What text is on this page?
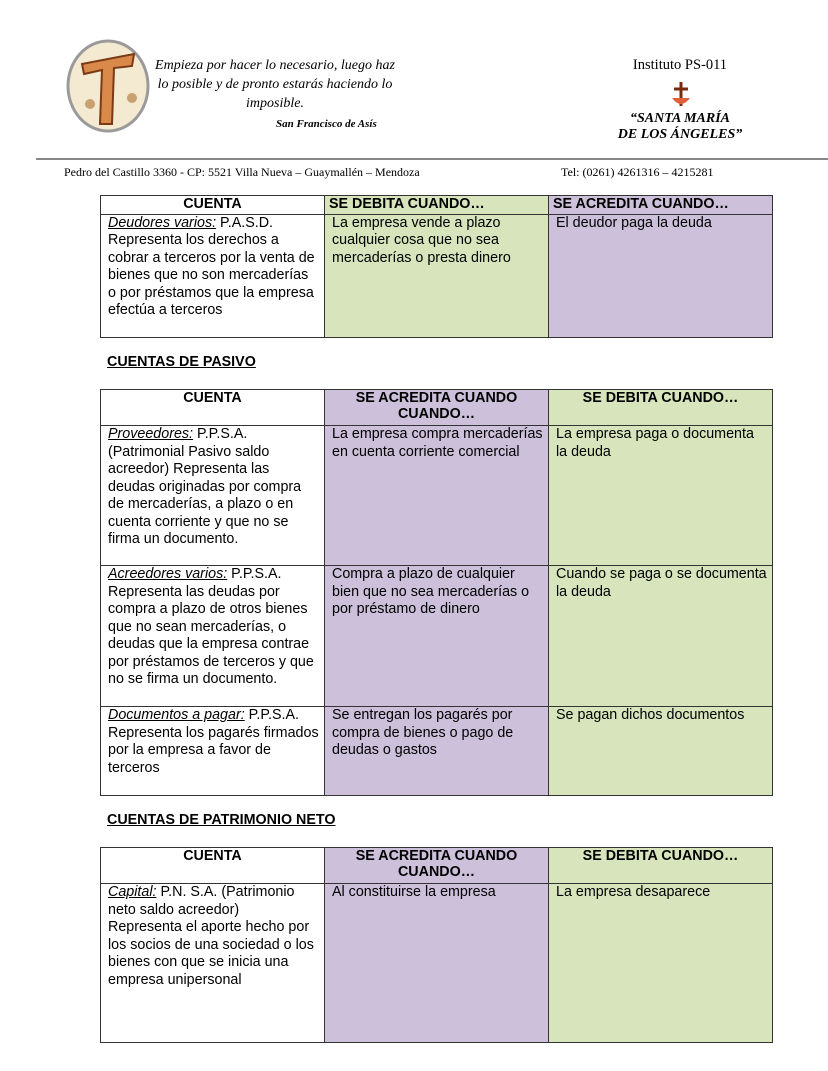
Empieza por hacer lo necesario, luego haz lo posible y de pronto estarás haciendo lo imposible.
San Francisco de Asís
Instituto PS-011
“SANTA MARÍA
DE LOS ÁNGELES”
Pedro del Castillo 3360 - CP: 5521 Villa Nueva – Guaymallén – Mendoza	Tel: (0261) 4261316 – 4215281
CUENTA	SE DEBITA CUANDO…	SE ACREDITA CUANDO…
Deudores varios: P.A.S.D.
Representa los derechos a cobrar a terceros por la venta de bienes que no son mercaderías o por préstamos que la empresa efectúa a terceros	La empresa vende a plazo cualquier cosa que no sea mercaderías o presta dinero	El deudor paga la deuda
CUENTAS DE PASIVO
CUENTA	SE ACREDITA CUANDO CUANDO…	SE DEBITA CUANDO…
Proveedores: P.P.S.A.
(Patrimonial Pasivo saldo acreedor) Representa las deudas originadas por compra de mercaderías, a plazo o en cuenta corriente y que no se firma un documento.	La empresa compra mercaderías en cuenta corriente comercial	La empresa paga o documenta la deuda
Acreedores varios: P.P.S.A.
Representa las deudas por compra a plazo de otros bienes que no sean mercaderías, o deudas que la empresa contrae por préstamos de terceros y que no se firma un documento.	Compra a plazo de cualquier bien que no sea mercaderías o por préstamo de dinero	Cuando se paga o se documenta la deuda
Documentos a pagar: P.P.S.A.
Representa los pagarés firmados por la empresa a favor de terceros	Se entregan los pagarés por compra de bienes o pago de deudas o gastos	Se pagan dichos documentos
CUENTAS DE PATRIMONIO NETO
CUENTA	SE ACREDITA CUANDO CUANDO…	SE DEBITA CUANDO…
Capital: P.N. S.A. (Patrimonio neto saldo acreedor)
Representa el aporte hecho por los socios de una sociedad o los bienes con que se inicia una empresa unipersonal	Al constituirse la empresa	La empresa desaparece
